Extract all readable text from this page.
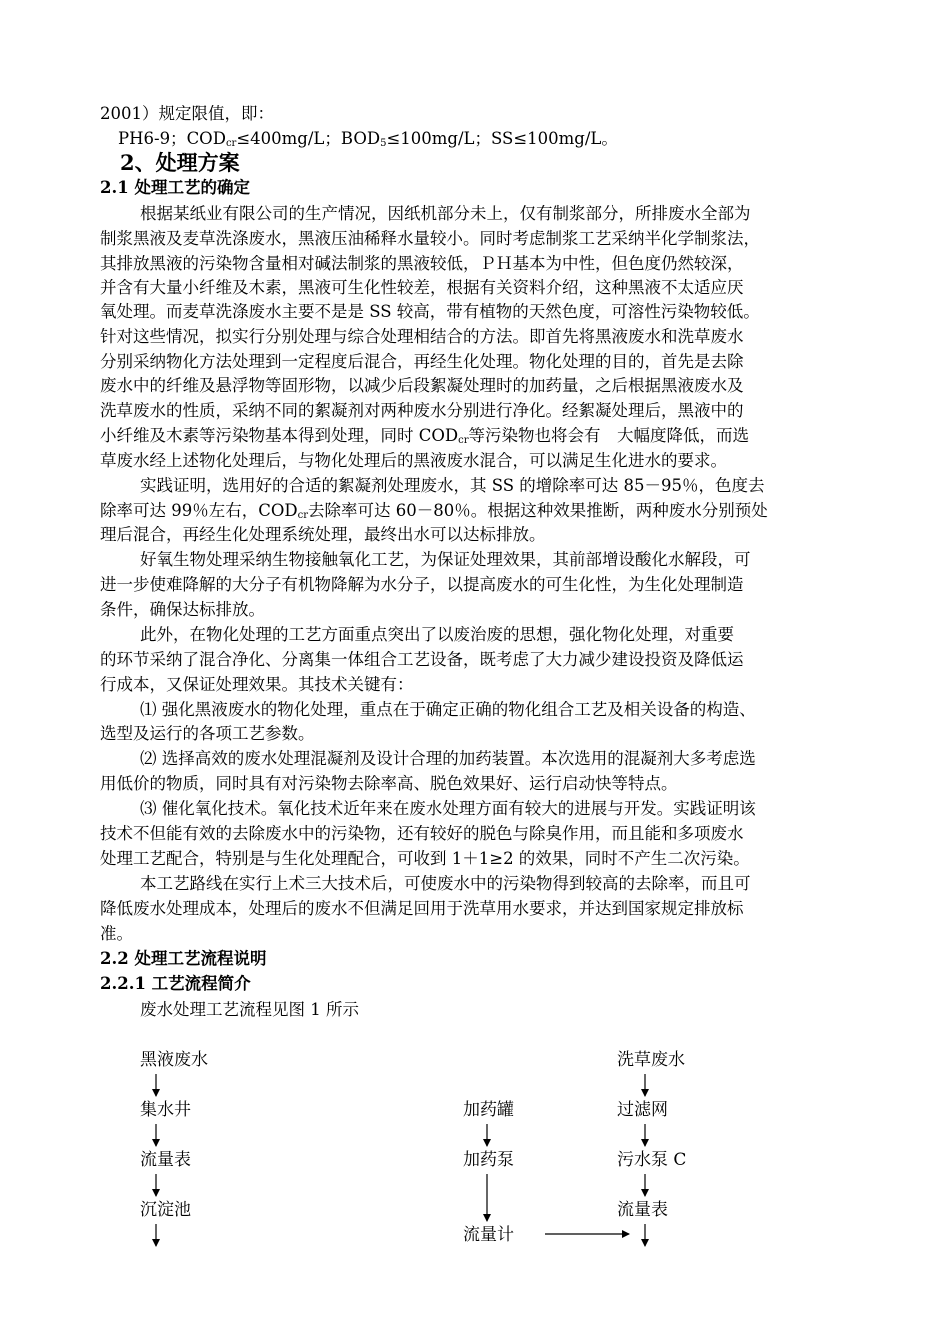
2001）规定限值，即：
PH6-9；$COD_{cr}\le 400mg/L$；$BOD_5\le 100mg/L$；SS≤100mg/L。
2、处理方案
2.1 处理工艺的确定
根据某纸业有限公司的生产情况，因纸机部分未上，仅有制浆部分，所排废水全部为
制浆黑液及麦草洗涤废水，黑液压油稀释水量较小。同时考虑制浆工艺采纳半化学制浆法，
其排放黑液的污染物含量相对碱法制浆的黑液较低，ＰＨ基本为中性，但色度仍然较深，
并含有大量小纤维及木素，黑液可生化性较差，根据有关资料介绍，这种黑液不太适应厌
氧处理。而麦草洗涤废水主要不是是 SS 较高，带有植物的天然色度，可溶性污染物较低。
针对这些情况，拟实行分别处理与综合处理相结合的方法。即首先将黑液废水和洗草废水
分别采纳物化方法处理到一定程度后混合，再经生化处理。物化处理的目的，首先是去除
废水中的纤维及悬浮物等固形物，以减少后段絮凝处理时的加药量，之后根据黑液废水及
洗草废水的性质，采纳不同的絮凝剂对两种废水分别进行净化。经絮凝处理后，黑液中的
小纤维及木素等污染物基本得到处理，同时 $COD_{cr}$等污染物也将会有　大幅度降低，而选
草废水经上述物化处理后，与物化处理后的黑液废水混合，可以满足生化进水的要求。
实践证明，选用好的合适的絮凝剂处理废水，其 SS 的增除率可达 85－95％，色度去
除率可达 99％左右，$COD_{cr}$去除率可达 60－80％。根据这种效果推断，两种废水分别预处
理后混合，再经生化处理系统处理，最终出水可以达标排放。
好氧生物处理采纳生物接触氧化工艺，为保证处理效果，其前部增设酸化水解段，可
进一步使难降解的大分子有机物降解为水分子，以提高废水的可生化性，为生化处理制造
条件，确保达标排放。
此外，在物化处理的工艺方面重点突出了以废治废的思想，强化物化处理，对重要
的环节采纳了混合净化、分离集一体组合工艺设备，既考虑了大力减少建设投资及降低运
行成本，又保证处理效果。其技术关键有：
⑴ 强化黑液废水的物化处理，重点在于确定正确的物化组合工艺及相关设备的构造、
选型及运行的各项工艺参数。
⑵ 选择高效的废水处理混凝剂及设计合理的加药装置。本次选用的混凝剂大多考虑选
用低价的物质，同时具有对污染物去除率高、脱色效果好、运行启动快等特点。
⑶ 催化氧化技术。氧化技术近年来在废水处理方面有较大的进展与开发。实践证明该
技术不但能有效的去除废水中的污染物，还有较好的脱色与除臭作用，而且能和多项废水
处理工艺配合，特别是与生化处理配合，可收到 1＋1≥2 的效果，同时不产生二次污染。
本工艺路线在实行上术三大技术后，可使废水中的污染物得到较高的去除率，而且可
降低废水处理成本，处理后的废水不但满足回用于洗草用水要求，并达到国家规定排放标
准。
2.2 处理工艺流程说明
2.2.1 工艺流程简介
废水处理工艺流程见图 1 所示
黑液废水
集水井
流量表
沉淀池
加药罐
加药泵
流量计
洗草废水
过滤网
污水泵 C
流量表
